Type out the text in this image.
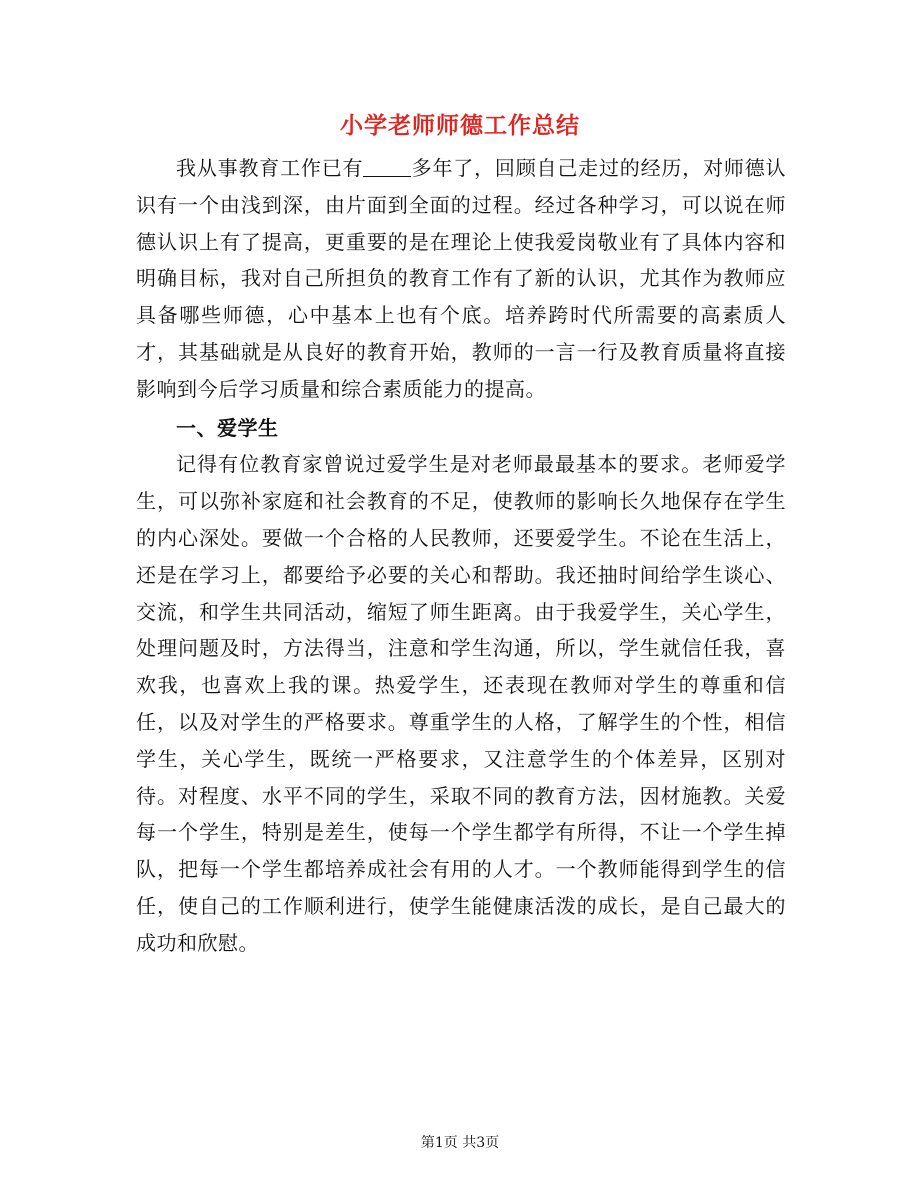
小学老师师德工作总结

我从事教育工作已有 多年了，回顾自己走过的经历，对师德认识有一个由浅到深，由片面到全面的过程。经过各种学习，可以说在师德认识上有了提高，更重要的是在理论上使我爱岗敬业有了具体内容和明确目标，我对自己所担负的教育工作有了新的认识，尤其作为教师应具备哪些师德，心中基本上也有个底。培养跨时代所需要的高素质人才，其基础就是从良好的教育开始，教师的一言一行及教育质量将直接影响到今后学习质量和综合素质能力的提高。

一、爱学生

记得有位教育家曾说过爱学生是对老师最最基本的要求。老师爱学生，可以弥补家庭和社会教育的不足，使教师的影响长久地保存在学生的内心深处。要做一个合格的人民教师，还要爱学生。不论在生活上，还是在学习上，都要给予必要的关心和帮助。我还抽时间给学生谈心、交流，和学生共同活动，缩短了师生距离。由于我爱学生，关心学生，处理问题及时，方法得当，注意和学生沟通，所以，学生就信任我，喜欢我，也喜欢上我的课。热爱学生，还表现在教师对学生的尊重和信任，以及对学生的严格要求。尊重学生的人格，了解学生的个性，相信学生，关心学生，既统一严格要求，又注意学生的个体差异，区别对待。对程度、水平不同的学生，采取不同的教育方法，因材施教。关爱每一个学生，特别是差生，使每一个学生都学有所得，不让一个学生掉队，把每一个学生都培养成社会有用的人才。一个教师能得到学生的信任，使自己的工作顺利进行，使学生能健康活泼的成长，是自己最大的成功和欣慰。

第1页 共3页
